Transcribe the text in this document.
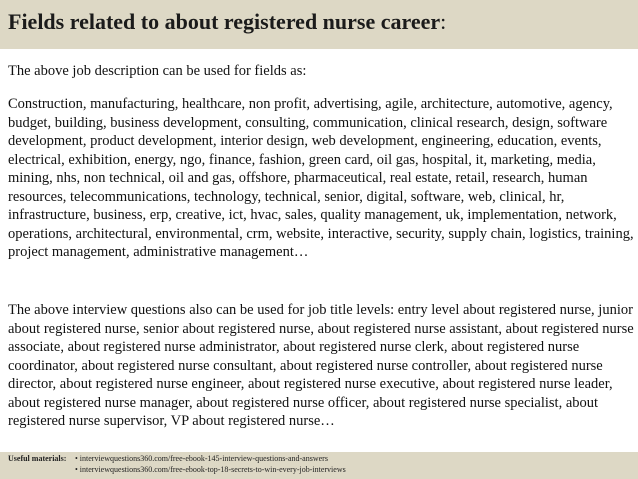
Fields related to about registered nurse career:
The above job description can be used for fields as:
Construction, manufacturing, healthcare, non profit, advertising, agile, architecture, automotive, agency, budget, building, business development, consulting, communication, clinical research, design, software development, product development, interior design, web development, engineering, education, events, electrical, exhibition, energy, ngo, finance, fashion, green card, oil gas, hospital, it, marketing, media, mining, nhs, non technical, oil and gas, offshore, pharmaceutical, real estate, retail, research, human resources, telecommunications, technology, technical, senior, digital, software, web, clinical, hr, infrastructure, business, erp, creative, ict, hvac, sales, quality management, uk, implementation, network, operations, architectural, environmental, crm, website, interactive, security, supply chain, logistics, training, project management, administrative management…
The above interview questions also can be used for job title levels: entry level about registered nurse, junior about registered nurse, senior about registered nurse, about registered nurse assistant, about registered nurse associate, about registered nurse administrator, about registered nurse clerk, about registered nurse coordinator, about registered nurse consultant, about registered nurse controller, about registered nurse director, about registered nurse engineer, about registered nurse executive, about registered nurse leader, about registered nurse manager, about registered nurse officer, about registered nurse specialist, about registered nurse supervisor, VP about registered nurse…
Useful materials: • interviewquestions360.com/free-ebook-145-interview-questions-and-answers
• interviewquestions360.com/free-ebook-top-18-secrets-to-win-every-job-interviews
